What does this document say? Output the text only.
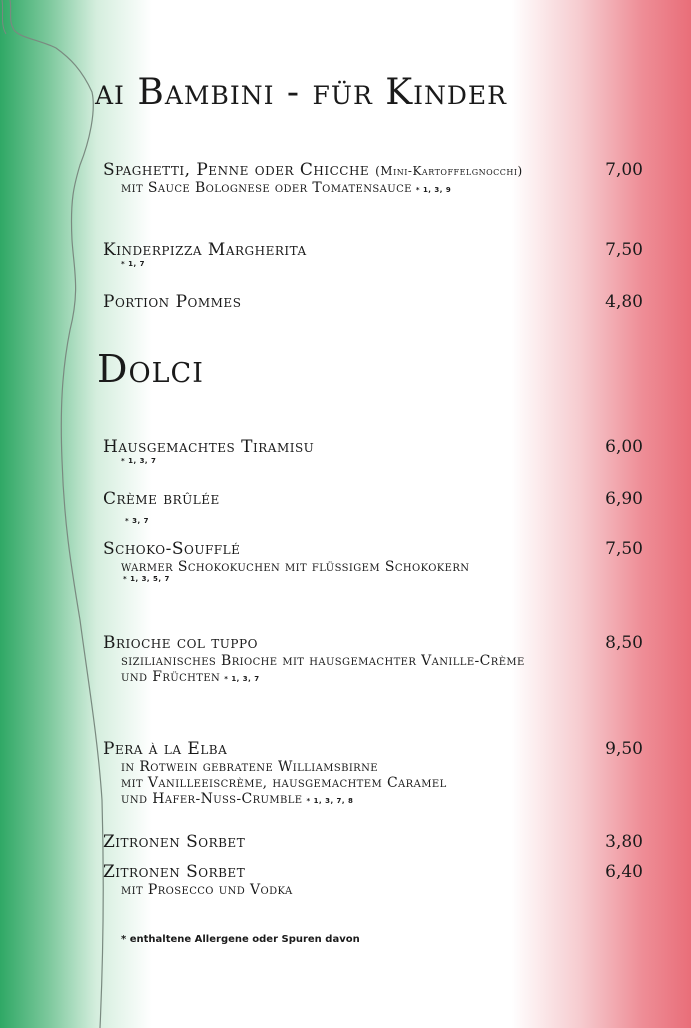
ai Bambini - für Kinder
Spaghetti, Penne oder Chicche (Mini-Kartoffelgnocchi)	7,00
mit Sauce Bolognese oder Tomatensauce * 1, 3, 9
Kinderpizza Margherita	7,50
* 1, 7
Portion Pommes	4,80
Dolci
Hausgemachtes Tiramisu	6,00
* 1, 3, 7
Crème brûlée	6,90
* 3, 7
Schoko-Soufflé	7,50
warmer Schokokuchen mit flüssigem Schokokern
* 1, 3, 5, 7
Brioche col tuppo	8,50
sizilianisches Brioche mit hausgemachter Vanille-Crème
und Früchten * 1, 3, 7
Pera à la Elba	9,50
in Rotwein gebratene Williamsbirne
mit Vanilleeiscrème, hausgemachtem Caramel
und Hafer-Nuss-Crumble * 1, 3, 7, 8
Zitronen Sorbet	3,80
Zitronen Sorbet	6,40
mit Prosecco und Vodka
* enthaltene Allergene oder Spuren davon
